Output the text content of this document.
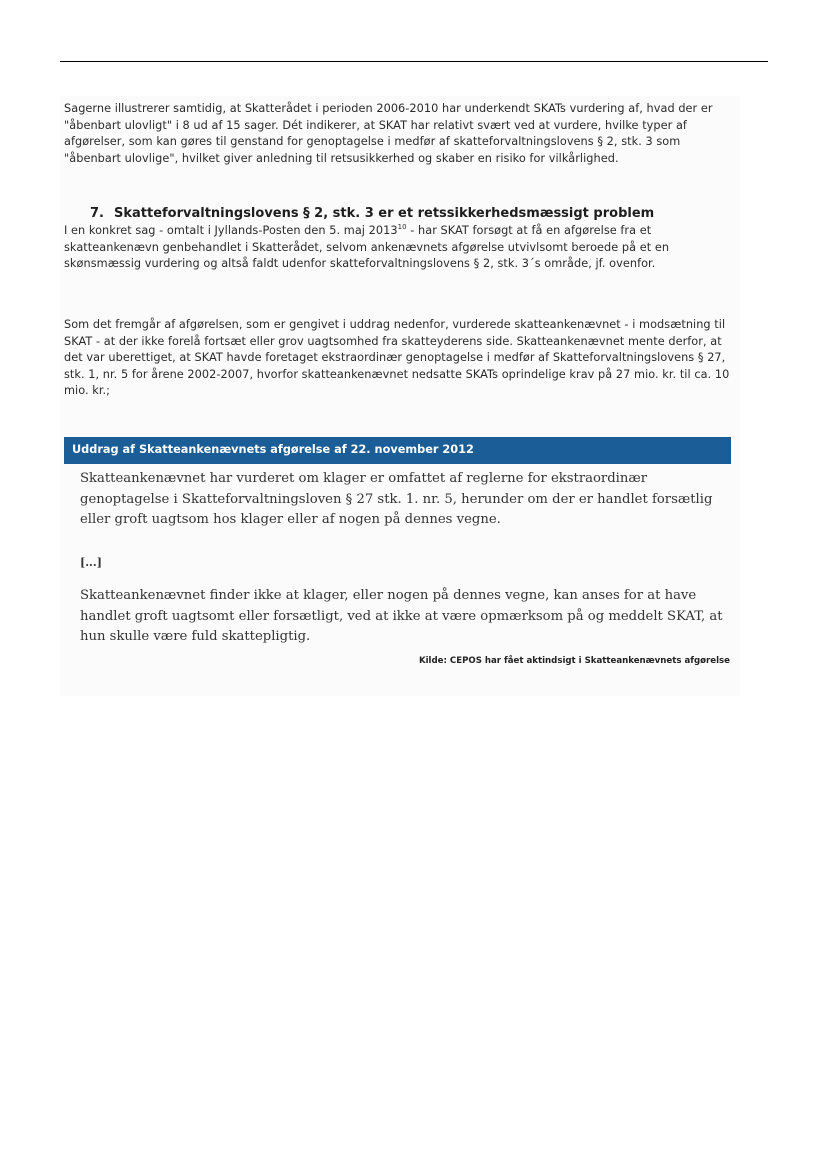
Sagerne illustrerer samtidig, at Skatterådet i perioden 2006-2010 har underkendt SKATs vurdering af, hvad der er "åbenbart ulovligt" i 8 ud af 15 sager. Dét indikerer, at SKAT har relativt svært ved at vurdere, hvilke typer af afgørelser, som kan gøres til genstand for genoptagelse i medfør af skatteforvaltningslovens § 2, stk. 3 som "åbenbart ulovlige", hvilket giver anledning til retsusikkerhed og skaber en risiko for vilkårlighed.

7. Skatteforvaltningslovens § 2, stk. 3 er et retssikkerhedsmæssigt problem

I en konkret sag - omtalt i Jyllands-Posten den 5. maj 2013$^{10}$ - har SKAT forsøgt at få en afgørelse fra et skatteankenævn genbehandlet i Skatterådet, selvom ankenævnets afgørelse utvivlsomt beroede på et en skønsmæssig vurdering og altså faldt udenfor skatteforvaltningslovens § 2, stk. 3´s område, jf. ovenfor.

Som det fremgår af afgørelsen, som er gengivet i uddrag nedenfor, vurderede skatteankenævnet - i modsætning til SKAT - at der ikke forelå fortsæt eller grov uagtsomhed fra skatteyderens side. Skatteankenævnet mente derfor, at det var uberettiget, at SKAT havde foretaget ekstraordinær genoptagelse i medfør af Skatteforvaltningslovens § 27, stk. 1, nr. 5 for årene 2002-2007, hvorfor skatteankenævnet nedsatte SKATs oprindelige krav på 27 mio. kr. til ca. 10 mio. kr.;

Uddrag af Skatteankenævnets afgørelse af 22. november 2012

Skatteankenævnet har vurderet om klager er omfattet af reglerne for ekstraordinær genoptagelse i Skatteforvaltningsloven § 27 stk. 1. nr. 5, herunder om der er handlet forsætlig eller groft uagtsom hos klager eller af nogen på dennes vegne.

[...]

Skatteankenævnet finder ikke at klager, eller nogen på dennes vegne, kan anses for at have handlet groft uagtsomt eller forsætligt, ved at ikke at være opmærksom på og meddelt SKAT, at hun skulle være fuld skattepligtig.

Kilde: CEPOS har fået aktindsigt i Skatteankenævnets afgørelse
